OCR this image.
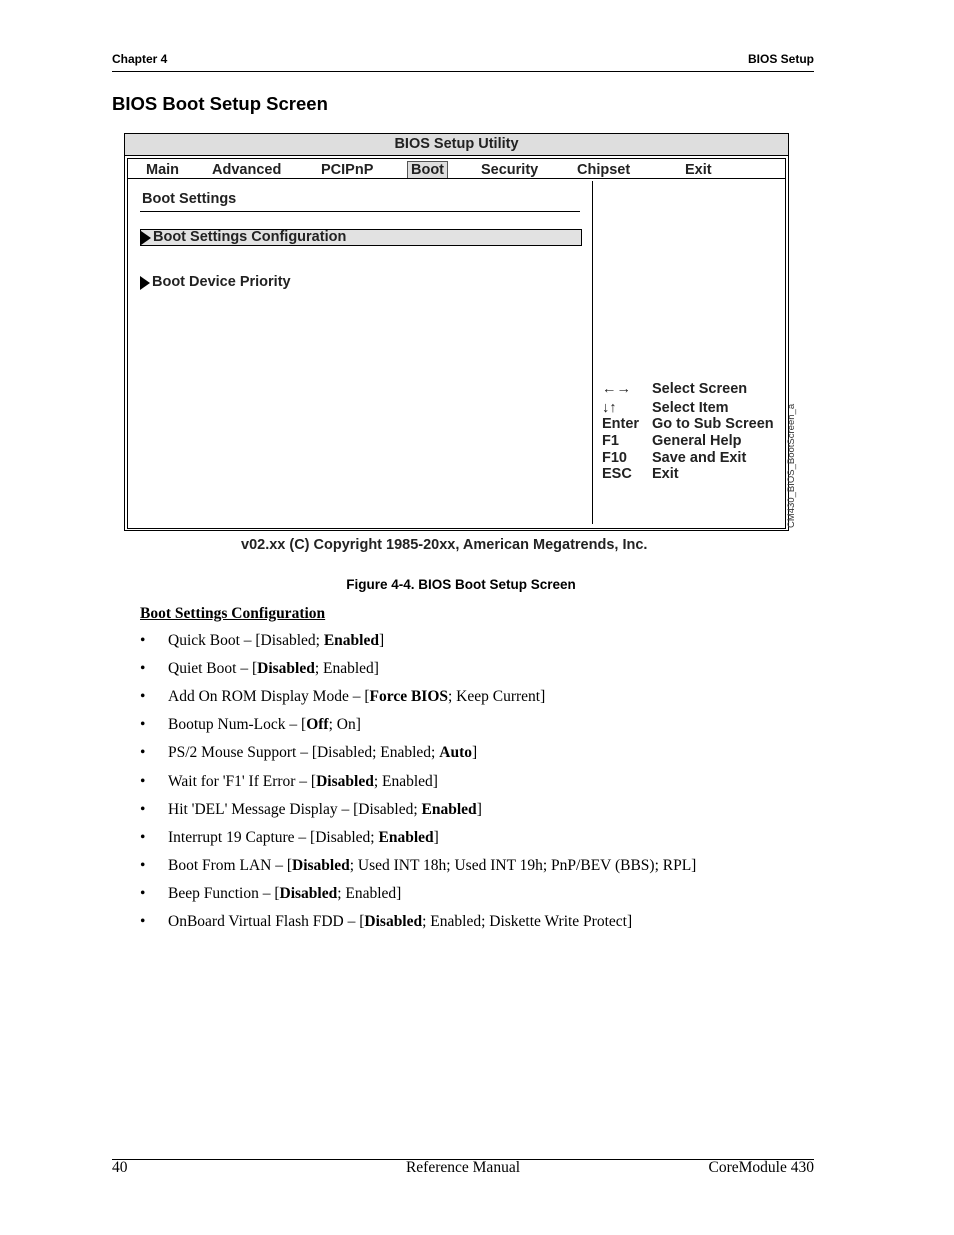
Chapter 4	BIOS Setup
BIOS Boot Setup Screen
BIOS Setup Utility
Main Advanced	PCIPnP	Boot	Security	Chipset	Exit
Boot Settings
Boot Settings Configuration
Boot Device Priority
←→ Select Screen
↓↑ Select Item
Enter Go to Sub Screen
F1 General Help
F10 Save and Exit
ESC Exit	CM430_BIOS_BootScreen_a
v02.xx (C) Copyright 1985-20xx, American Megatrends, Inc.
Figure 4-4. BIOS Boot Setup Screen
Boot Settings Configuration
• Quick Boot – [Disabled; Enabled]
• Quiet Boot – [Disabled; Enabled]
• Add On ROM Display Mode – [Force BIOS; Keep Current]
• Bootup Num-Lock – [Off; On]
• PS/2 Mouse Support – [Disabled; Enabled; Auto]
• Wait for 'F1' If Error – [Disabled; Enabled]
• Hit 'DEL' Message Display – [Disabled; Enabled]
• Interrupt 19 Capture – [Disabled; Enabled]
• Boot From LAN – [Disabled; Used INT 18h; Used INT 19h; PnP/BEV (BBS); RPL]
• Beep Function – [Disabled; Enabled]
• OnBoard Virtual Flash FDD – [Disabled; Enabled; Diskette Write Protect]
40	Reference Manual	CoreModule 430
